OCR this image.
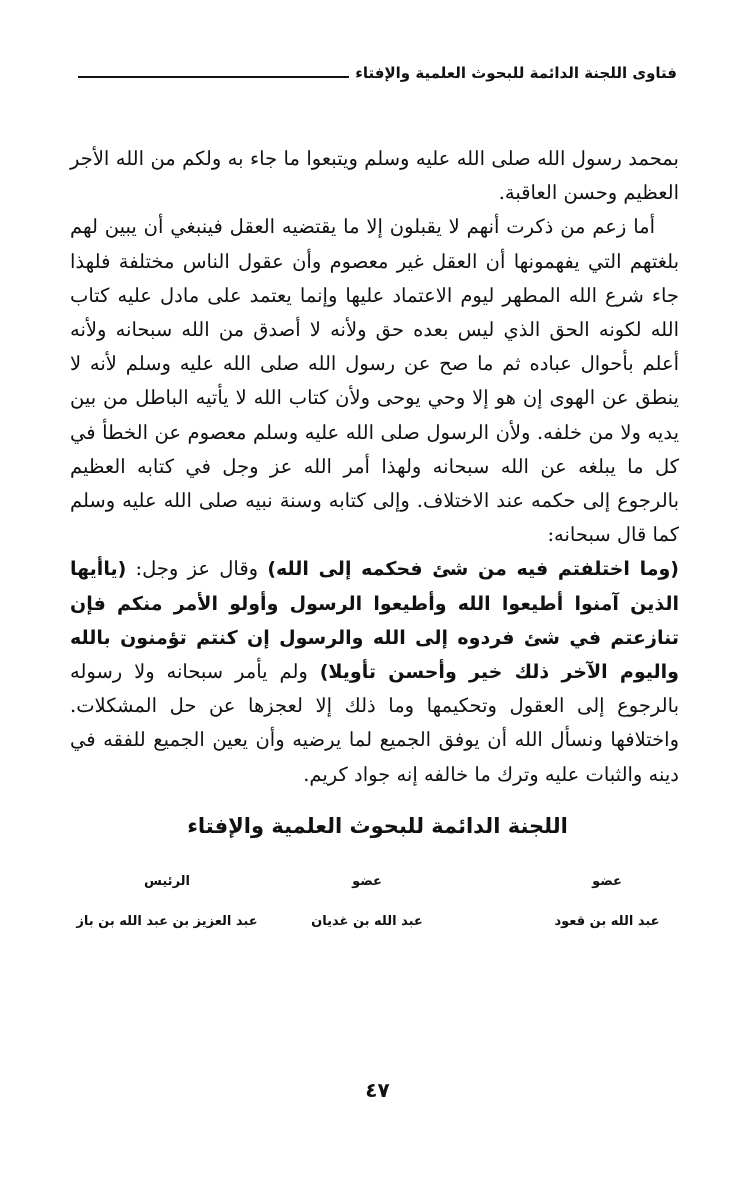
فتاوى اللجنة الدائمة للبحوث العلمية والإفتاء

بمحمد رسول الله صلى الله عليه وسلم ويتبعوا ما جاء به ولكم من الله الأجر العظيم وحسن العاقبة.

أما زعم من ذكرت أنهم لا يقبلون إلا ما يقتضيه العقل فينبغي أن يبين لهم بلغتهم التي يفهمونها أن العقل غير معصوم وأن عقول الناس مختلفة فلهذا جاء شرع الله المطهر ليوم الاعتماد عليها وإنما يعتمد على مادل عليه كتاب الله لكونه الحق الذي ليس بعده حق ولأنه لا أصدق من الله سبحانه ولأنه أعلم بأحوال عباده ثم ما صح عن رسول الله صلى الله عليه وسلم لأنه لا ينطق عن الهوى إن هو إلا وحي يوحى ولأن كتاب الله لا يأتيه الباطل من بين يديه ولا من خلفه. ولأن الرسول صلى الله عليه وسلم معصوم عن الخطأ في كل ما يبلغه عن الله سبحانه ولهذا أمر الله عز وجل في كتابه العظيم بالرجوع إلى حكمه عند الاختلاف. وإلى كتابه وسنة نبيه صلى الله عليه وسلم كما قال سبحانه:
(وما اختلفتم فيه من شئ فحكمه إلى الله) وقال عز وجل: (ياأيها الذين آمنوا أطيعوا الله وأطيعوا الرسول وأولو الأمر منكم فإن تنازعتم في شئ فردوه إلى الله والرسول إن كنتم تؤمنون بالله واليوم الآخر ذلك خير وأحسن تأويلا) ولم يأمر سبحانه ولا رسوله بالرجوع إلى العقول وتحكيمها وما ذلك إلا لعجزها عن حل المشكلات. واختلافها ونسأل الله أن يوفق الجميع لما يرضيه وأن يعين الجميع للفقه في دينه والثبات عليه وترك ما خالفه إنه جواد كريم.

اللجنة الدائمة للبحوث العلمية والإفتاء
عضو
عبد الله بن قعود
عضو
عبد الله بن غديان
الرئيس
عبد العزيز بن عبد الله بن باز
٤٧
